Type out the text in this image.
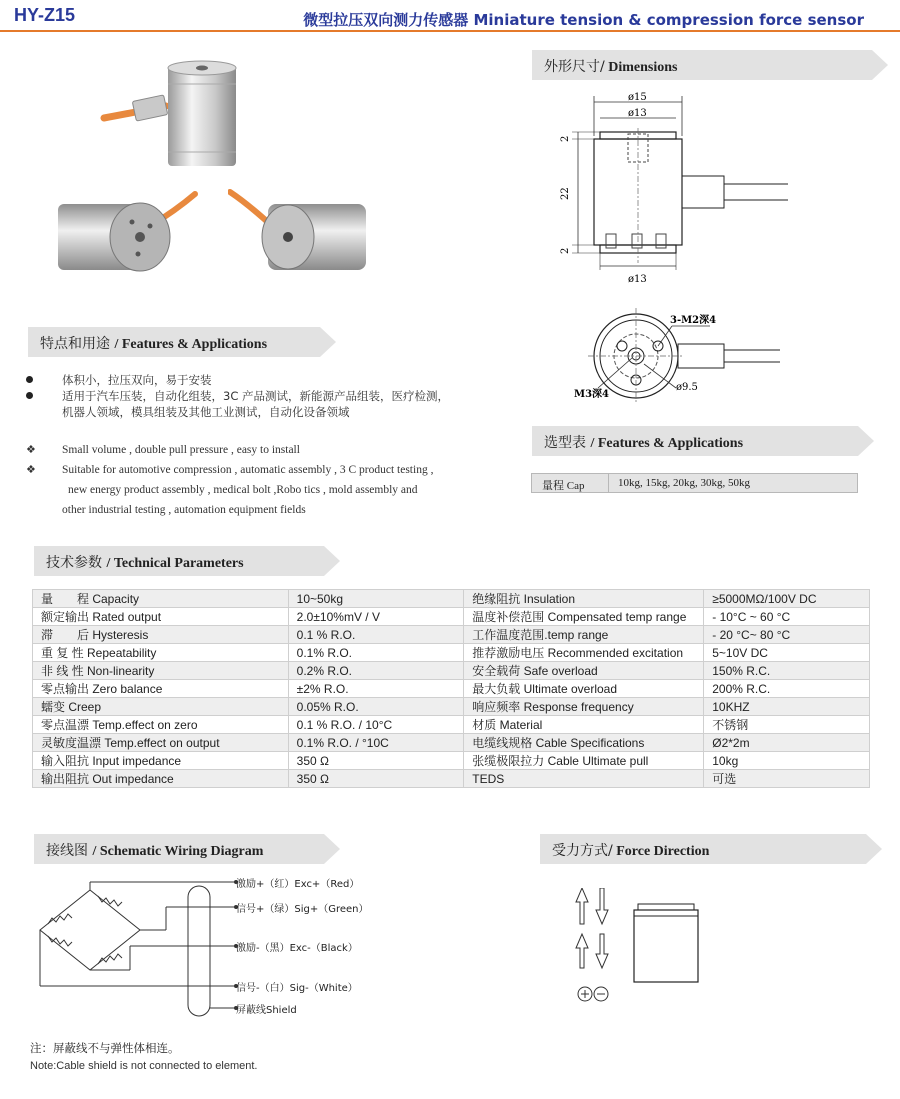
HY-Z15	微型拉压双向测力传感器 Miniature tension & compression force sensor
外形尺寸/ Dimensions
ø15
ø13
2
22
2
ø13
3-M2深4
M3深4
ø9.5
特点和用途 / Features & Applications
体积小，拉压双向，易于安装
适用于汽车压装，自动化组装，3C 产品测试，新能源产品组装，医疗检测，
机器人领域，模具组装及其他工业测试，自动化设备领域
❖ Small volume , double pull pressure , easy to install
❖ Suitable for automotive compression , automatic assembly , 3 C product testing ,
new energy product assembly , medical bolt ,Robo tics , mold assembly and
other industrial testing , automation equipment fields
选型表 / Features & Applications
量程 Cap	10kg, 15kg, 20kg, 30kg, 50kg
技术参数 / Technical Parameters
量　　程 Capacity	10~50kg	绝缘阻抗 Insulation	≥5000MΩ/100V DC
额定输出 Rated output	2.0±10%mV / V	温度补偿范围 Compensated temp range	- 10°C ~ 60 °C
滞　　后 Hysteresis	0.1 % R.O.	工作温度范围.temp range	- 20 °C~ 80 °C
重 复 性 Repeatability	0.1% R.O.	推荐激励电压 Recommended excitation	5~10V DC
非 线 性 Non-linearity	0.2% R.O.	安全载荷 Safe overload	150% R.C.
零点输出 Zero balance	±2% R.O.	最大负载 Ultimate overload	200% R.C.
蠕变 Creep	0.05% R.O.	响应频率 Response frequency	10KHZ
零点温漂 Temp.effect on zero	0.1 % R.O. / 10°C	材质 Material	不锈钢
灵敏度温漂 Temp.effect on output	0.1% R.O. / °10C	电缆线规格 Cable Specifications	Ø2*2m
输入阻抗 Input impedance	350 Ω	张缆极限拉力 Cable Ultimate pull	10kg
输出阻抗 Out impedance	350 Ω	TEDS	可选
接线图 / Schematic Wiring Diagram	受力方式/ Force Direction
激励+（红）Exc+（Red）
信号+（绿）Sig+（Green）
激励-（黑）Exc-（Black）
信号-（白）Sig-（White）
屏蔽线Shield
注：屏蔽线不与弹性体相连。
Note:Cable shield is not connected to element.
